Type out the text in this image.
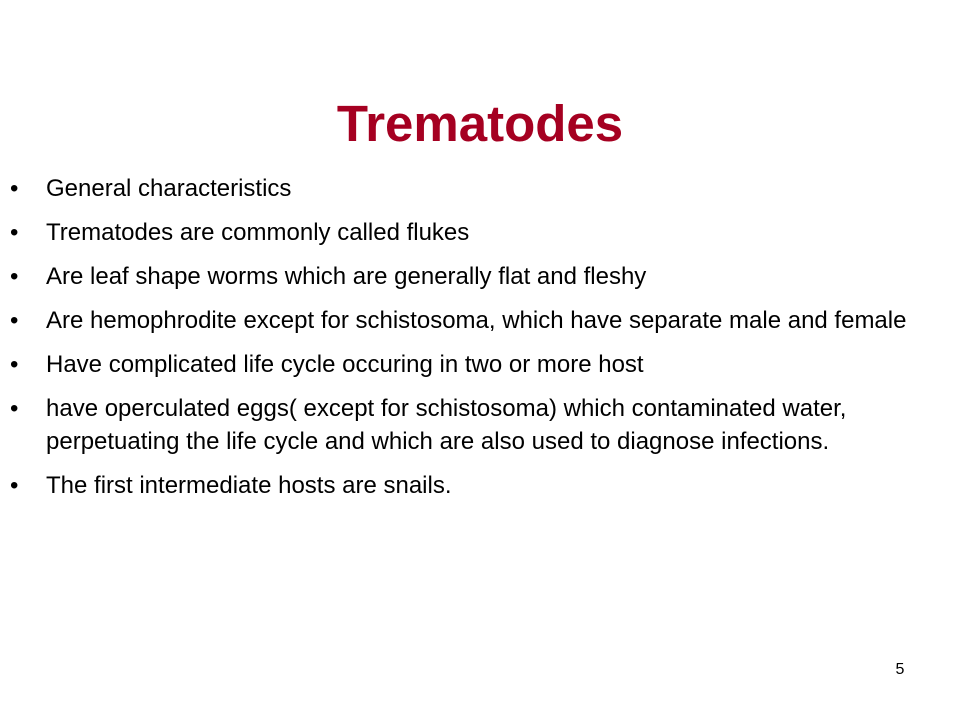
Trematodes
• General characteristics
• Trematodes are commonly called flukes
• Are leaf shape worms which are generally flat and fleshy
• Are hemophrodite except for schistosoma, which have separate male and female
• Have complicated life cycle occuring in two or more host
• have operculated eggs( except for schistosoma) which contaminated water, perpetuating the life cycle and which are also used to diagnose infections.
• The first intermediate hosts are snails.
5
